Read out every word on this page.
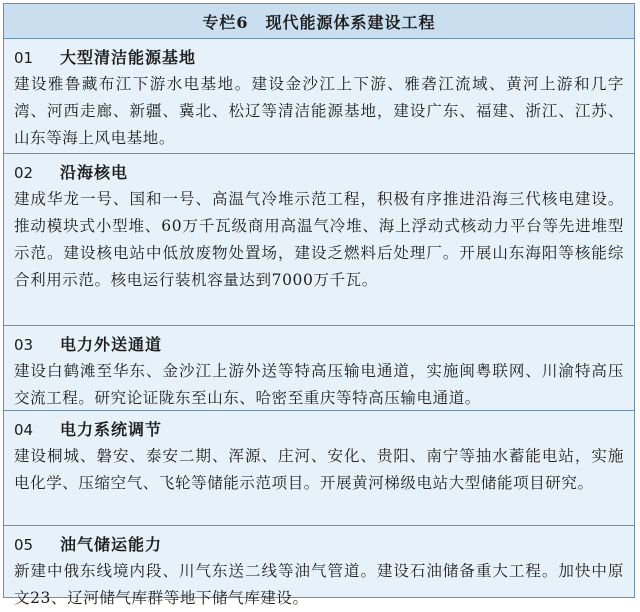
专栏6　现代能源体系建设工程
01	大型清洁能源基地
建设雅鲁藏布江下游水电基地。建设金沙江上下游、雅砻江流域、黄河上游和几字湾、河西走廊、新疆、冀北、松辽等清洁能源基地，建设广东、福建、浙江、江苏、山东等海上风电基地。
02	沿海核电
建成华龙一号、国和一号、高温气冷堆示范工程，积极有序推进沿海三代核电建设。推动模块式小型堆、60万千瓦级商用高温气冷堆、海上浮动式核动力平台等先进堆型示范。建设核电站中低放废物处置场，建设乏燃料后处理厂。开展山东海阳等核能综合利用示范。核电运行装机容量达到7000万千瓦。
03	电力外送通道
建设白鹤滩至华东、金沙江上游外送等特高压输电通道，实施闽粤联网、川渝特高压交流工程。研究论证陇东至山东、哈密至重庆等特高压输电通道。
04	电力系统调节
建设桐城、磐安、泰安二期、浑源、庄河、安化、贵阳、南宁等抽水蓄能电站，实施电化学、压缩空气、飞轮等储能示范项目。开展黄河梯级电站大型储能项目研究。
05	油气储运能力
新建中俄东线境内段、川气东送二线等油气管道。建设石油储备重大工程。加快中原文23、辽河储气库群等地下储气库建设。
